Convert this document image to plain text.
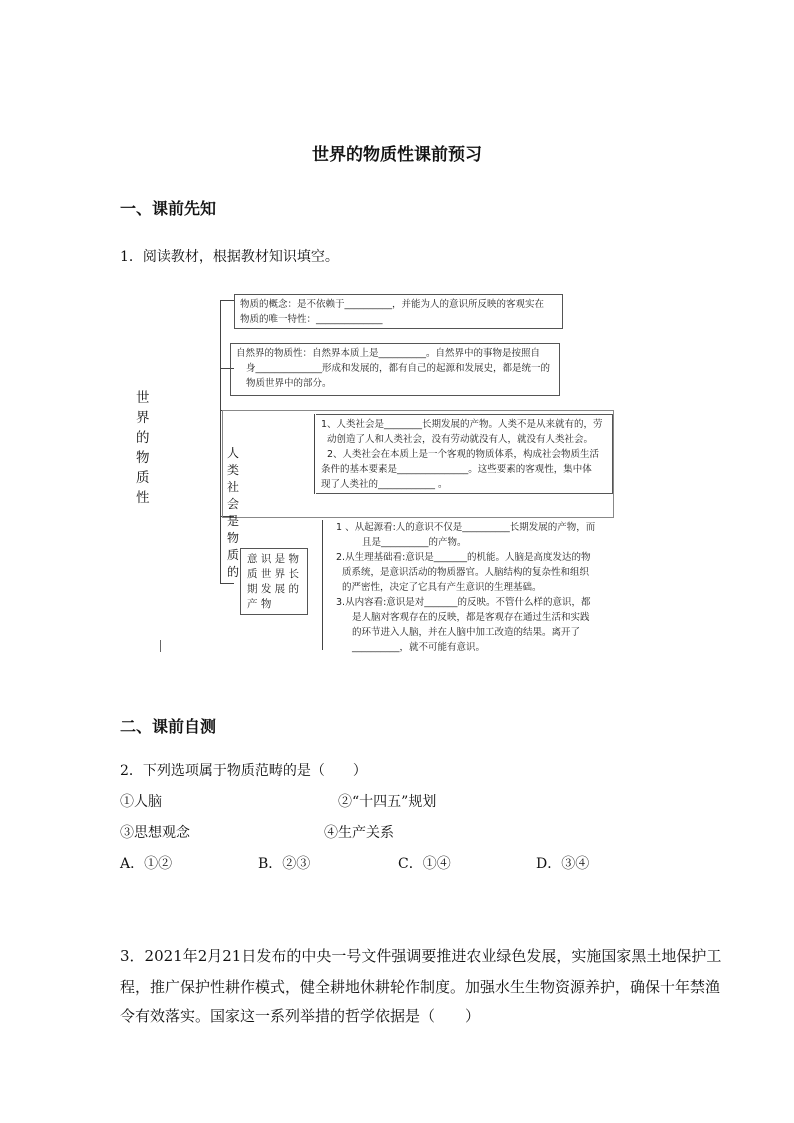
世界的物质性课前预习
一、课前先知
1．阅读教材，根据教材知识填空。
世界的物质性
物质的概念：是不依赖于__________，并能为人的意识所反映的客观实在
物质的唯一特性：______________
自然界的物质性：自然界本质上是__________。自然界中的事物是按照自
身______________形成和发展的，都有自己的起源和发展史，都是统一的
物质世界中的部分。
人类社会是物质的
1、人类社会是________长期发展的产物。人类不是从来就有的，劳
动创造了人和人类社会，没有劳动就没有人，就没有人类社会。
2、人类社会在本质上是一个客观的物质体系，构成社会物质生活
条件的基本要素是_______________。这些要素的客观性，集中体
现了人类社的____________ 。
意 识 是 物
质 世 界 长
期 发 展 的
产 物
1 、从起源看:人的意识不仅是__________长期发展的产物，而
且是__________的产物。
2.从生理基础看:意识是_______的机能。人脑是高度发达的物
质系统，是意识活动的物质器官。人脑结构的复杂性和组织
的严密性，决定了它具有产生意识的生理基础。
3.从内容看:意识是对_______的反映。不管什么样的意识，都
是人脑对客观存在的反映，都是客观存在通过生活和实践
的环节进入人脑，并在人脑中加工改造的结果。离开了
__________，就不可能有意识。
二、课前自测
2．下列选项属于物质范畴的是（　　）
①人脑	②“十四五”规划
③思想观念	④生产关系
A．①②	B．②③	C．①④	D．③④
3．2021年2月21日发布的中央一号文件强调要推进农业绿色发展，实施国家黑土地保护工
程，推广保护性耕作模式，健全耕地休耕轮作制度。加强水生生物资源养护，确保十年禁渔
令有效落实。国家这一系列举措的哲学依据是（　　）
